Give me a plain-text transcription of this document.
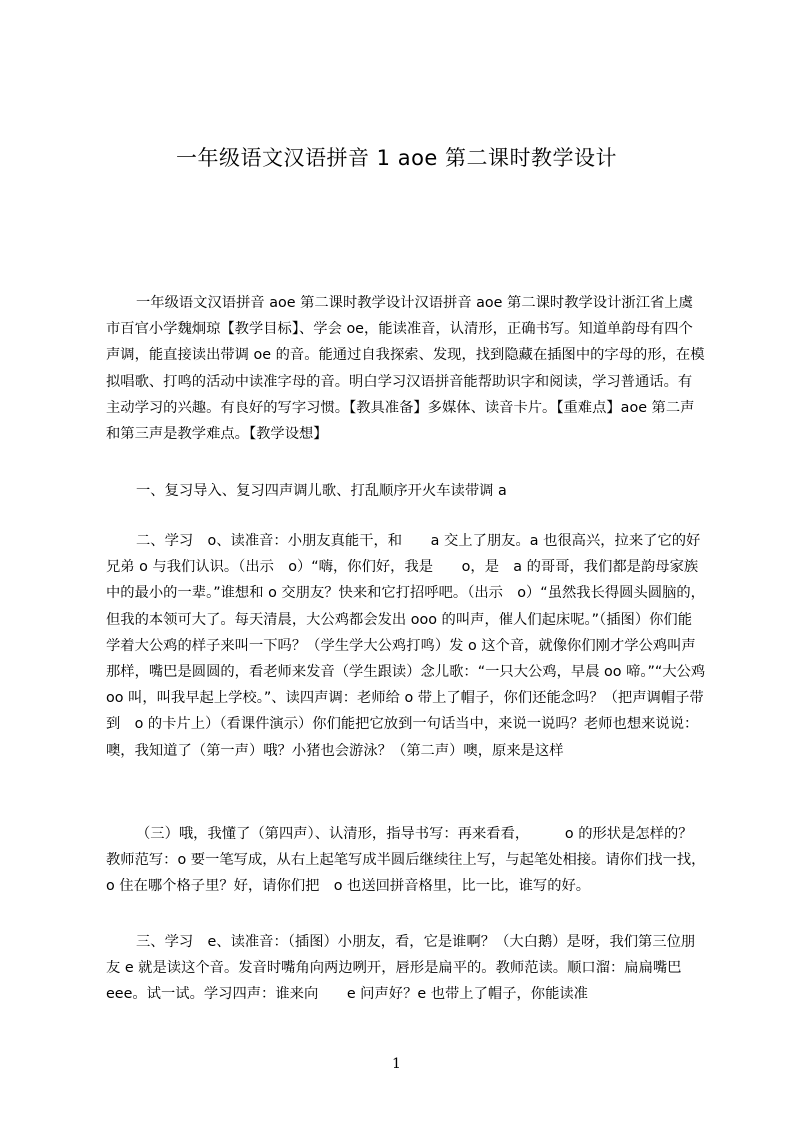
一年级语文汉语拼音 1 aoe 第二课时教学设计

一年级语文汉语拼音 aoe 第二课时教学设计汉语拼音 aoe 第二课时教学设计浙江省上虞市百官小学魏炯琼【教学目标】、学会 oe，能读准音，认清形，正确书写。知道单韵母有四个声调，能直接读出带调 oe 的音。能通过自我探索、发现，找到隐藏在插图中的字母的形，在模拟唱歌、打鸣的活动中读准字母的音。明白学习汉语拼音能帮助识字和阅读，学习普通话。有主动学习的兴趣。有良好的写字习惯。【教具准备】多媒体、读音卡片。【重难点】aoe 第二声和第三声是教学难点。【教学设想】

一、复习导入、复习四声调儿歌、打乱顺序开火车读带调 a

二、学习　o、读准音：小朋友真能干，和　　a 交上了朋友。a 也很高兴，拉来了它的好兄弟 o 与我们认识。（出示　o）“嗨，你们好，我是　　o，是　a 的哥哥，我们都是韵母家族中的最小的一辈。”谁想和 o 交朋友？快来和它打招呼吧。（出示　o）“虽然我长得圆头圆脑的，但我的本领可大了。每天清晨，大公鸡都会发出 ooo 的叫声，催人们起床呢。”（插图）你们能学着大公鸡的样子来叫一下吗？（学生学大公鸡打鸣）发 o 这个音，就像你们刚才学公鸡叫声那样，嘴巴是圆圆的，看老师来发音（学生跟读）念儿歌：“一只大公鸡，早晨 oo 啼。”“大公鸡　oo 叫，叫我早起上学校。”、读四声调：老师给 o 带上了帽子，你们还能念吗？（把声调帽子带到　o 的卡片上）（看课件演示）你们能把它放到一句话当中，来说一说吗？老师也想来说说：噢，我知道了（第一声）哦？小猪也会游泳？（第二声）噢，原来是这样

（三）哦，我懂了（第四声）、认清形，指导书写：再来看看，　　　o 的形状是怎样的？教师范写：o 要一笔写成，从右上起笔写成半圆后继续往上写，与起笔处相接。请你们找一找，o 住在哪个格子里？好，请你们把　o 也送回拼音格里，比一比，谁写的好。

三、学习　e、读准音：（插图）小朋友，看，它是谁啊？（大白鹅）是呀，我们第三位朋友 e 就是读这个音。发音时嘴角向两边咧开，唇形是扁平的。教师范读。顺口溜：扁扁嘴巴 eee。试一试。学习四声：谁来向　　e 问声好？e 也带上了帽子，你能读准

1
